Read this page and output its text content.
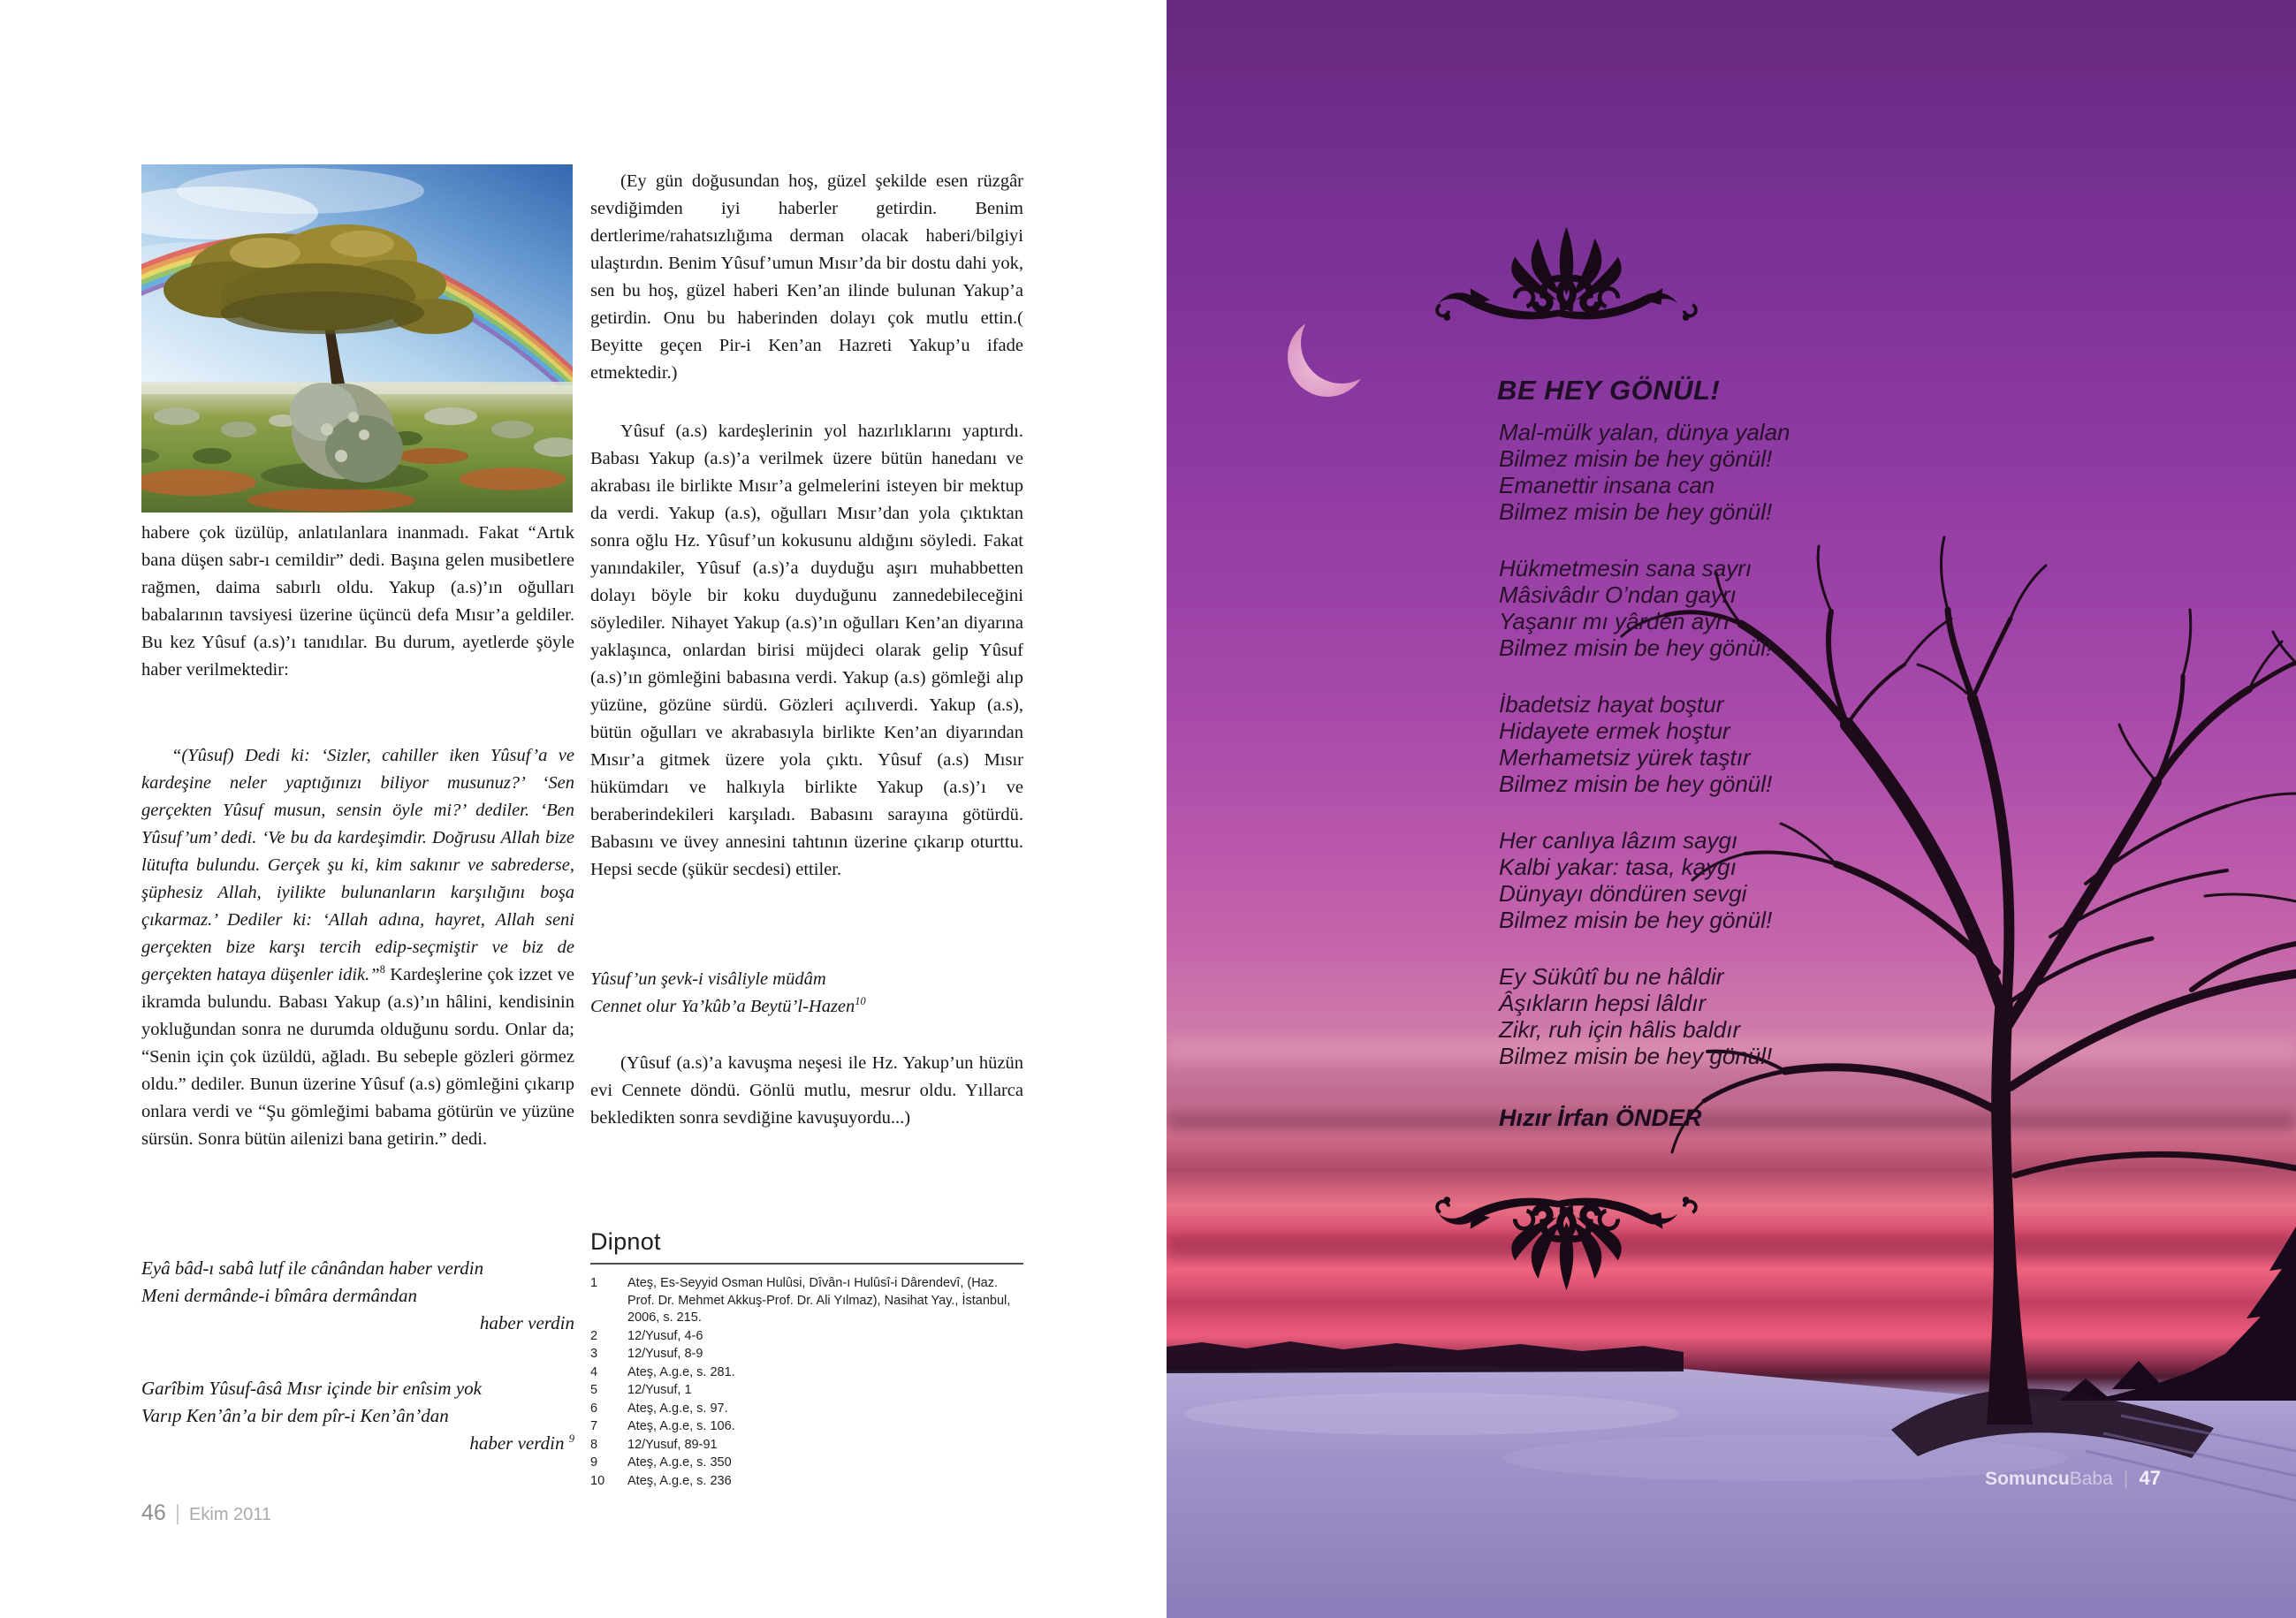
habere çok üzülüp, anlatılanlara inanmadı. Fakat “Artık bana düşen sabr-ı cemildir” dedi. Başına gelen musibetlere rağmen, daima sabırlı oldu. Yakup (a.s)’ın oğulları babalarının tavsiyesi üzerine üçüncü defa Mısır’a geldiler. Bu kez Yûsuf (a.s)’ı tanıdılar. Bu durum, ayetlerde şöyle haber verilmektedir:

“(Yûsuf) Dedi ki: ‘Sizler, cahiller iken Yûsuf’a ve kardeşine neler yaptığınızı biliyor musunuz?’ ‘Sen gerçekten Yûsuf musun, sensin öyle mi?’ dediler. ‘Ben Yûsuf’um’ dedi. ‘Ve bu da kardeşimdir. Doğrusu Allah bize lütufta bulundu. Gerçek şu ki, kim sakınır ve sabrederse, şüphesiz Allah, iyilikte bulunanların karşılığını boşa çıkarmaz.’ Dediler ki: ‘Allah adına, hayret, Allah seni gerçekten bize karşı tercih edip-seçmiştir ve biz de gerçekten hataya düşenler idik.”$^8$ Kardeşlerine çok izzet ve ikramda bulundu. Babası Yakup (a.s)’ın hâlini, kendisinin yokluğundan sonra ne durumda olduğunu sordu. Onlar da; “Senin için çok üzüldü, ağladı. Bu sebeple gözleri görmez oldu.” dediler. Bunun üzerine Yûsuf (a.s) gömleğini çıkarıp onlara verdi ve “Şu gömleğimi babama götürün ve yüzüne sürsün. Sonra bütün ailenizi bana getirin.” dedi.

Eyâ bâd-ı sabâ lutf ile cânândan haber verdin

Meni dermânde-i bîmâra dermândan

haber verdin

Garîbim Yûsuf-âsâ Mısr içinde bir enîsim yok

Varıp Ken’ân’a bir dem pîr-i Ken’ân’dan

haber verdin $^9$

(Ey gün doğusundan hoş, güzel şekilde esen rüzgâr sevdiğimden iyi haberler getirdin. Benim dertlerime/rahatsızlığıma derman olacak haberi/bilgiyi ulaştırdın. Benim Yûsuf’umun Mısır’da bir dostu dahi yok, sen bu hoş, güzel haberi Ken’an ilinde bulunan Yakup’a getirdin. Onu bu haberinden dolayı çok mutlu ettin.( Beyitte geçen Pir-i Ken’an Hazreti Yakup’u ifade etmektedir.)

Yûsuf (a.s) kardeşlerinin yol hazırlıklarını yaptırdı. Babası Yakup (a.s)’a verilmek üzere bütün hanedanı ve akrabası ile birlikte Mısır’a gelmelerini isteyen bir mektup da verdi. Yakup (a.s), oğulları Mısır’dan yola çıktıktan sonra oğlu Hz. Yûsuf’un kokusunu aldığını söyledi. Fakat yanındakiler, Yûsuf (a.s)’a duyduğu aşırı muhabbetten dolayı böyle bir koku duyduğunu zannedebileceğini söylediler. Nihayet Yakup (a.s)’ın oğulları Ken’an diyarına yaklaşınca, onlardan birisi müjdeci olarak gelip Yûsuf (a.s)’ın gömleğini babasına verdi. Yakup (a.s) gömleği alıp yüzüne, gözüne sürdü. Gözleri açılıverdi. Yakup (a.s), bütün oğulları ve akrabasıyla birlikte Ken’an diyarından Mısır’a gitmek üzere yola çıktı. Yûsuf (a.s) Mısır hükümdarı ve halkıyla birlikte Yakup (a.s)’ı ve beraberindekileri karşıladı. Babasını sarayına götürdü. Babasını ve üvey annesini tahtının üzerine çıkarıp oturttu. Hepsi secde (şükür secdesi) ettiler.

Yûsuf’un şevk-i visâliyle müdâm

Cennet olur Ya’kûb’a Beytü’l-Hazen$^{10}$

(Yûsuf (a.s)’a kavuşma neşesi ile Hz. Yakup’un hüzün evi Cennete döndü. Gönlü mutlu, mesrur oldu. Yıllarca bekledikten sonra sevdiğine kavuşuyordu...)

Dipnot
1	Ateş, Es-Seyyid Osman Hulûsi, Dîvân-ı Hulûsî-i Dârendevî, (Haz. Prof. Dr. Mehmet Akkuş-Prof. Dr. Ali Yılmaz), Nasihat Yay., İstanbul, 2006, s. 215.
2	12/Yusuf, 4-6
3	12/Yusuf, 8-9
4	Ateş, A.g.e, s. 281.
5	12/Yusuf, 1
6	Ateş, A.g.e, s. 97.
7	Ateş, A.g.e, s. 106.
8	12/Yusuf, 89-91
9	Ateş, A.g.e, s. 350
10	Ateş, A.g.e, s. 236
46 | Ekim 2011
BE HEY GÖNÜL!

Mal-mülk yalan, dünya yalan

Bilmez misin be hey gönül!

Emanettir insana can

Bilmez misin be hey gönül!

Hükmetmesin sana sayrı

Mâsivâdır O’ndan gayrı

Yaşanır mı yârden ayrı

Bilmez misin be hey gönül!

İbadetsiz hayat boştur

Hidayete ermek hoştur

Merhametsiz yürek taştır

Bilmez misin be hey gönül!

Her canlıya lâzım saygı

Kalbi yakar: tasa, kaygı

Dünyayı döndüren sevgi

Bilmez misin be hey gönül!

Ey Sükûtî bu ne hâldir

Âşıkların hepsi lâldır

Zikr, ruh için hâlis baldır

Bilmez misin be hey gönül!

Hızır İrfan ÖNDER

Somuncu Baba | 47
